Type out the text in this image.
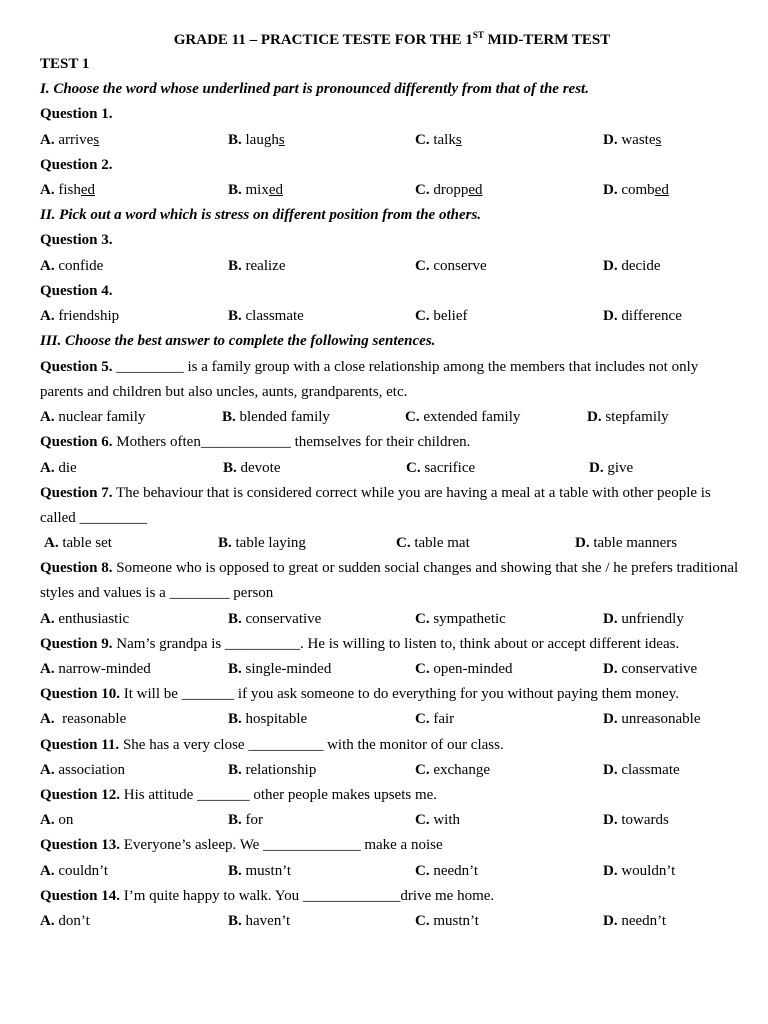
GRADE 11 – PRACTICE TESTE FOR THE 1ST MID-TERM TEST
TEST 1
I. Choose the word whose underlined part is pronounced differently from that of the rest.
Question 1.
A. arrives	B. laughs	C. talks	D. wastes
Question 2.
A. fished	B. mixed	C. dropped	D. combed
II. Pick out a word which is stress on different position from the others.
Question 3.
A. confide	B. realize	C. conserve	D. decide
Question 4.
A. friendship	B. classmate	C. belief	D. difference
III. Choose the best answer to complete the following sentences.
Question 5. _________ is a family group with a close relationship among the members that includes not only parents and children but also uncles, aunts, grandparents, etc.
A. nuclear family	B. blended family	C. extended family	D. stepfamily
Question 6. Mothers often____________ themselves for their children.
A. die	B. devote	C. sacrifice	D. give
Question 7. The behaviour that is considered correct while you are having a meal at a table with other people is called _________
A. table set	B. table laying	C. table mat	D. table manners
Question 8. Someone who is opposed to great or sudden social changes and showing that she / he prefers traditional styles and values is a ________ person
A. enthusiastic	B. conservative	C. sympathetic	D. unfriendly
Question 9. Nam’s grandpa is __________. He is willing to listen to, think about or accept different ideas.
A. narrow-minded	B. single-minded	C. open-minded	D. conservative
Question 10. It will be _______ if you ask someone to do everything for you without paying them money.
A. reasonable	B. hospitable	C. fair	D. unreasonable
Question 11. She has a very close __________ with the monitor of our class.
A. association	B. relationship	C. exchange	D. classmate
Question 12. His attitude _______ other people makes upsets me.
A. on	B. for	C. with	D. towards
Question 13. Everyone’s asleep. We _____________ make a noise
A. couldn’t	B. mustn’t	C. needn’t	D. wouldn’t
Question 14. I’m quite happy to walk. You _____________drive me home.
A. don’t	B. haven’t	C. mustn’t	D. needn’t
